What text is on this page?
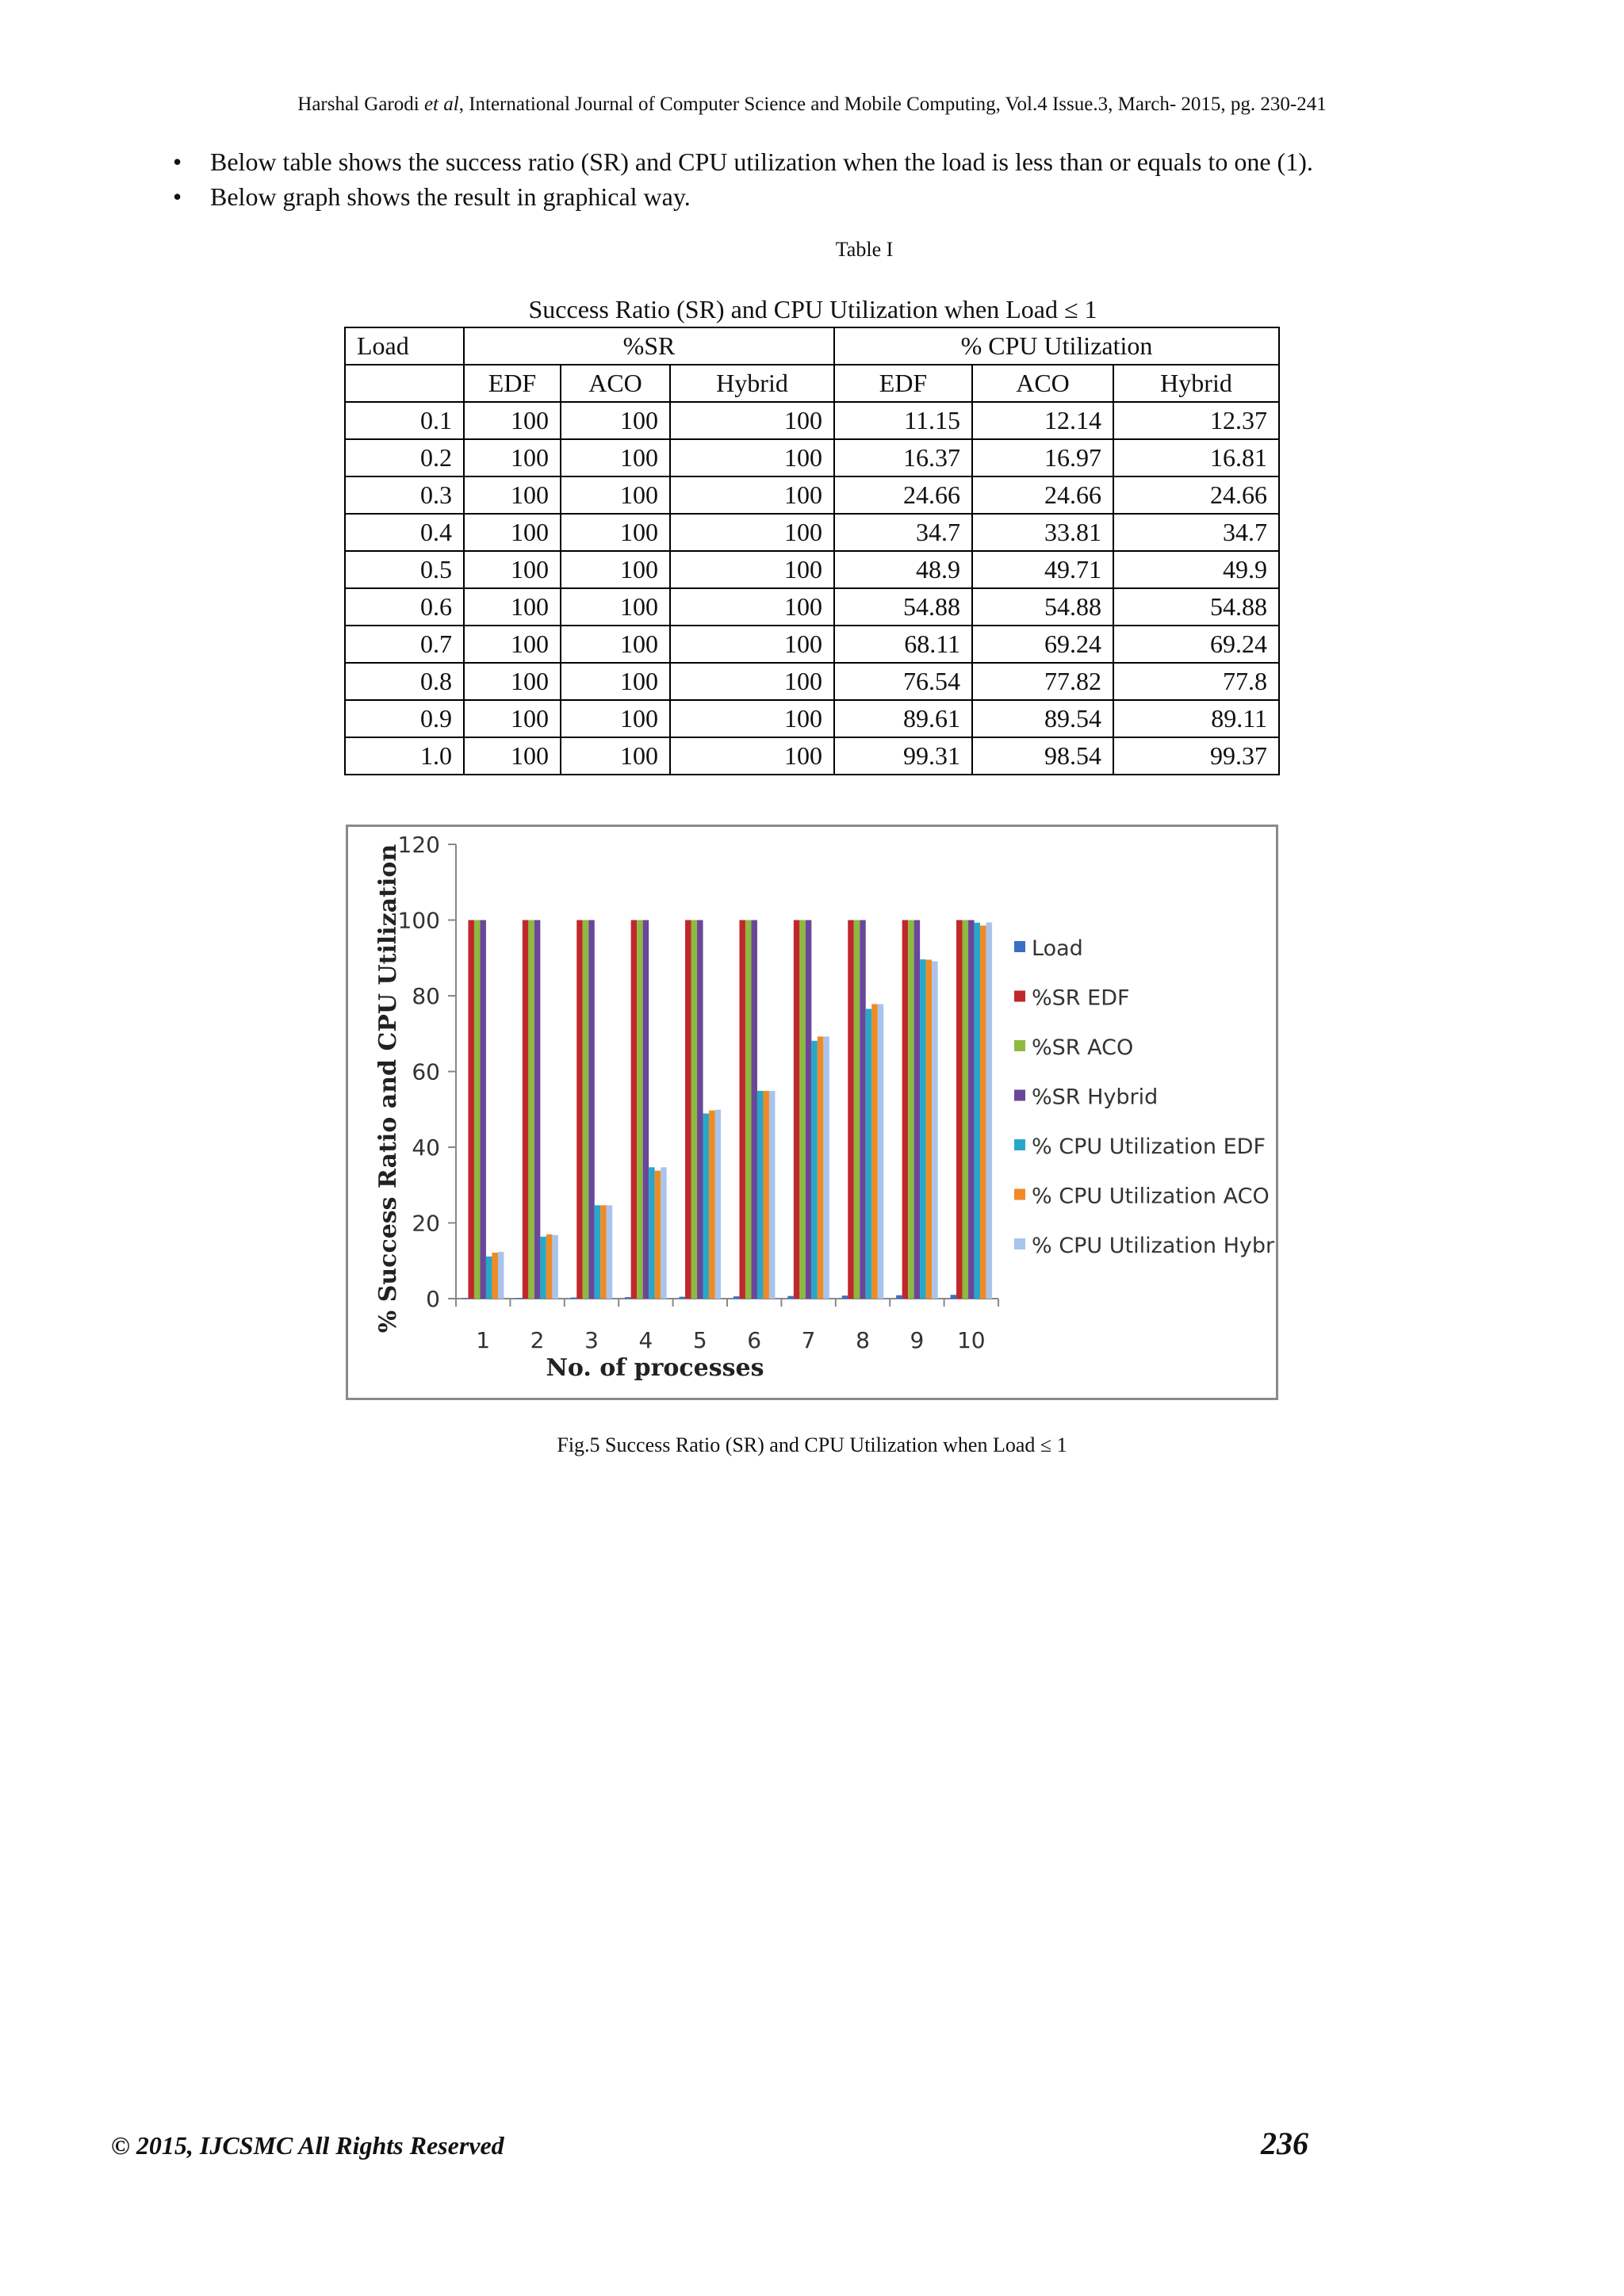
Harshal Garodi et al, International Journal of Computer Science and Mobile Computing, Vol.4 Issue.3, March- 2015, pg. 230-241
• Below table shows the success ratio (SR) and CPU utilization when the load is less than or equals to one (1).
• Below graph shows the result in graphical way.
Table I
Success Ratio (SR) and CPU Utilization when Load ≤ 1
Load	%SR			% CPU Utilization		
	EDF	ACO	Hybrid	EDF	ACO	Hybrid
0.1	100	100	100	11.15	12.14	12.37
0.2	100	100	100	16.37	16.97	16.81
0.3	100	100	100	24.66	24.66	24.66
0.4	100	100	100	34.7	33.81	34.7
0.5	100	100	100	48.9	49.71	49.9
0.6	100	100	100	54.88	54.88	54.88
0.7	100	100	100	68.11	69.24	69.24
0.8	100	100	100	76.54	77.82	77.8
0.9	100	100	100	89.61	89.54	89.11
1.0	100	100	100	99.31	98.54	99.37
0
20
40
60
80
100
120
1 2 3 4 5 6 7 8 9 10
Load
%SR EDF
%SR ACO
%SR Hybrid
% CPU Utilization EDF
% CPU Utilization ACO
% CPU Utilization Hybrid
% Success Ratio and CPU Utilization
No. of processes
Fig.5 Success Ratio (SR) and CPU Utilization when Load ≤ 1
© 2015, IJCSMC All Rights Reserved	236
